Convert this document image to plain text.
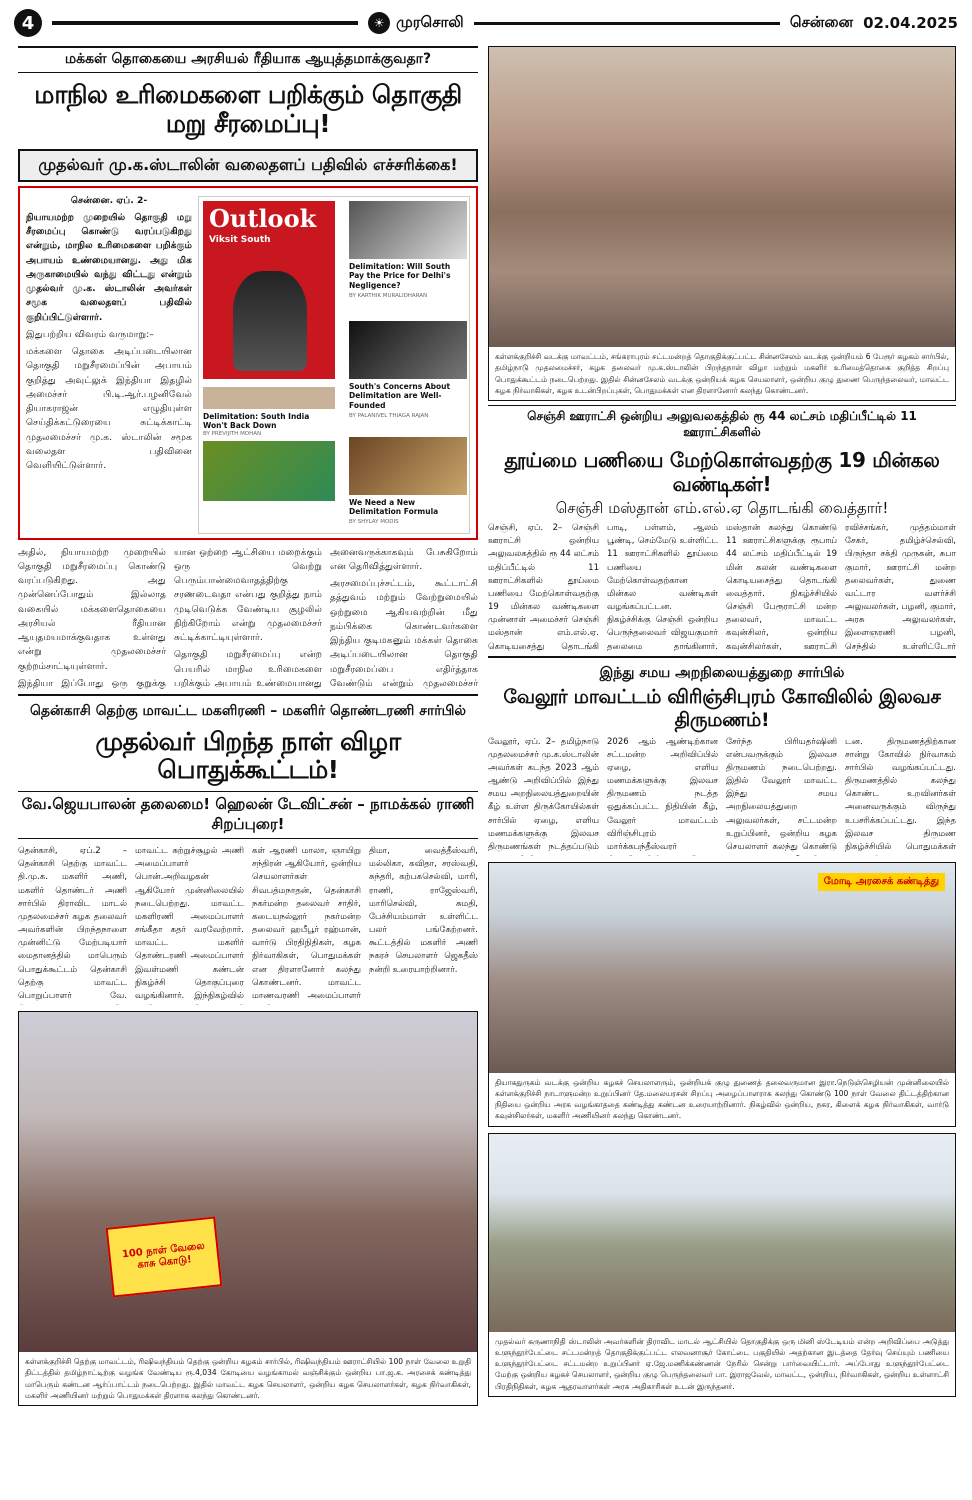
4	☀ முரசொலி	சென்னை 02.04.2025
மக்கள் தொகையை அரசியல் ரீதியாக ஆயுத்தமாக்குவதா?
மாநில உரிமைகளை பறிக்கும் தொகுதி மறு சீரமைப்பு!
முதல்வர் மு.க.ஸ்டாலின் வலைதளப் பதிவில் எச்சரிக்கை!

சென்னை. ஏப். 2-

நியாயமற்ற முறையில் தொகுதி மறு சீரமைப்பு கொண்டு வரப்படுகிறது என்றும், மாநில உரிமைகளை பறிக்கும் அபாயம் உண்மையானது. அது மிக அருகாமையில் வந்து விட்டது என்றும் முதல்வர் மு.க. ஸ்டாலின் அவர்கள் சமூக வலைதளப் பதிவில் குறிப்பிட்டுள்ளார்.

இதுபற்றிய விவரம் வருமாறு:–

மக்களை தொகை அடிப்படையிலான தொகுதி மறுசீரமைப்பின் அபாயம் குறித்து அவுட்லுக் இந்தியா இதழில் அமைச்சர் பி.டி.ஆர்.பழனிவேல் தியாகராஜன் எழுதியுள்ள செய்திக்கட்டுரையை சுட்டிக்காட்டி முதலமைச்சர் மு.க. ஸ்டாலின் சமூக வலைதள பதிவினை வெளியிட்டுள்ளார்.

Outlook
Viksit South
Delimitation: Will South Pay the Price for Delhi's Negligence?
BY KARTHIK MURALIDHARAN
South's Concerns About Delimitation are Well-Founded
BY PALANIVEL THIAGA RAJAN
Delimitation: South India Won't Back Down
BY PREVIJITH MOHAN
We Need a New Delimitation Formula
BY SHYLAY MODIS

அதில், நியாயமற்ற முறையில் தொகுதி மறுசீரமைப்பு கொண்டு வரப்படுகிறது. அது முன்னெப்போதும் இல்லாத வகையில் மக்களைதொகையை அரசியல் ரீதியான ஆயுதமயமாக்குவதாக உள்ளது என்று முதலமைச்சர் குற்றம்சாட்டியுள்ளார்.

இந்தியா இப்போது ஒரு குறுக்கு

யான ஒற்றை ஆட்சியை மறைக்கும் ஒரு வெற்று பெரும்பான்மைவாதத்திற்கு சரணடைவதா என்பது குறித்து நாம் முடிவெடுக்க வேண்டிய சூழலில் நிற்கிறோம் என்று முதலமைச்சர் சுட்டிக்காட்டியுள்ளார்.

தொகுதி மறுசீரமைப்பு என்ற பெயரில் மாநில உரிமைகளை பறிக்கும் அபாயம் உண்மையானது

அனைவருக்காகவும் பேசுகிறோம் என தெரிவித்துள்ளார்.

அரசமைப்புச்சட்டம், கூட்டாட்சி தத்துவம் மற்றும் வேற்றுமையில் ஒற்றுமை ஆகியவற்றின் மீது நம்பிக்கை கொண்டவர்களை இந்திய குடிமகனும் மக்கள் தொகை அடிப்படையிலான தொகுதி மறுசீரமைப்பை எதிர்த்தாக வேண்டும் என்றும் முதலமைச்சர்

தென்காசி தெற்கு மாவட்ட மகளிரணி – மகளிர் தொண்டரணி சார்பில்
முதல்வர் பிறந்த நாள் விழா பொதுக்கூட்டம்!
வே.ஜெயபாலன் தலைமை! ஹெலன் டேவிட்சன் – நாமக்கல் ராணி சிறப்புரை!
தென்காசி, ஏப்.2 – தென்காசி தெற்கு மாவட்ட தி.மு.க. மகளிர் அணி, மகளிர் தொண்டர் அணி சார்பில் திராவிட மாடல் முதலமைச்சர் கழக தலைவர் அவர்களின் பிறந்தநாளை முன்னிட்டு மேற்படியார் மைதானத்தில் மாபெரும் பொதுக்கூட்டம் தென்காசி தெற்கு மாவட்ட பொறுப்பாளர் வே.
மாவட்ட சுற்றுச்சூழல் அணி அமைப்பாளர் பொன்.அறிவழகன் ஆகியோர் முன்னிலையில் நடைபெற்றது. மாவட்ட மகளிரணி அமைப்பாளர் சங்கீதா கதர் வரவேற்றார். மாவட்ட மகளிர் தொண்டரணி அமைப்பாளர் இவள்மணி கண்டன் நிகழ்ச்சி தொகுப்புரை வழங்கினார். இந்நிகழ்வில்
கள் ஆரணி மாலா, ஞாயிறு சந்திரன் ஆகியோர், ஒன்றிய செயலாளர்கள் சிவபத்மநாதன், தென்காசி நகர்மன்ற தலைவர் சாதிர், கடையநல்லூர் நகர்மன்ற தலைவர் ஹபீபூர் ரஹ்மான், வார்டு பிரதிநிதிகள், கழக நிர்வாகிகள், பொதுமக்கள் என திரளானோர் கலந்து கொண்டனர். மாவட்ட மாணவரணி அமைப்பாளர்
திமா, வைத்தீஸ்வரி, மல்லிகா, கவிதா, சரஸ்வதி, சுந்தரி, கற்பகசெல்வி, மாரி, ராணி, ராஜேஸ்வரி, மாரிசெல்வி, சுமதி, பேச்சியம்மாள் உள்ளிட்ட பலர் பங்கேற்றனர். கூட்டத்தில் மகளிர் அணி நகரச் செயலாளர் ஜெகதீஸ் நன்றி உரையாற்றினார்.
100 நாள் வேலை காசு கொடு!
கள்ளக்குறிச்சி தெற்கு மாவட்டம், ரிஷிவந்தியம் தெற்கு ஒன்றிய கழகம் சார்பில், ரிஷிவந்தியம் ஊராட்சியில் 100 நாள் வேலை உறுதி திட்டத்தில் தமிழ்நாட்டிற்கு வழங்க வேண்டிய ரூ.4,034 கோடியை வழங்காமல் வஞ்சிக்கும் ஒன்றிய பா.ஜ.க. அரசைக் கண்டித்து மாபெரும் கண்டன ஆர்ப்பாட்டம் நடைபெற்றது. இதில் மாவட்ட கழக செயலாளர், ஒன்றிய கழக செயலாளர்கள், கழக நிர்வாகிகள், மகளிர் அணியினர் மற்றும் பொதுமக்கள் திரளாக கலந்து கொண்டனர்.
கள்ளக்குறிச்சி வடக்கு மாவட்டம், சங்கராபுரம் சட்டமன்றத் தொகுதிக்குட்பட்ட சின்னசேலம் வடக்கு ஒன்றியம் 6 பேரூர் கழகம் சார்பில், தமிழ்நாடு முதலமைச்சர், கழக தலைவர் மு.க.ஸ்டாலின் பிறந்தநாள் விழா மற்றும் மகளிர் உரிமைத்தொகை குறித்த சிறப்பு பொதுக்கூட்டம் நடைபெற்றது. இதில் சின்னசேலம் வடக்கு ஒன்றியக் கழக செயலாளர், ஒன்றிய குழு துணை பெருந்தலைவர், மாவட்ட கழக நிர்வாகிகள், கழக உடன்பிறப்புகள், பொதுமக்கள் என திரளானோர் கலந்து கொண்டனர்.
செஞ்சி ஊராட்சி ஒன்றிய அலுவலகத்தில் ரூ 44 லட்சம் மதிப்பீட்டில் 11 ஊராட்சிகளில்
தூய்மை பணியை மேற்கொள்வதற்கு 19 மின்கல வண்டிகள்!
செஞ்சி மஸ்தான் எம்.எல்.ஏ தொடங்கி வைத்தார்!
செஞ்சி, ஏப். 2– செஞ்சி ஊராட்சி ஒன்றிய அலுவலகத்தில் ரூ 44 லட்சம் மதிப்பீட்டில் 11 ஊராட்சிகளில் தூய்மை பணியை மேற்கொள்வதற்கு 19 மின்கல வண்டிகளை முன்னாள் அமைச்சர் செஞ்சி மஸ்தான் எம்.எல்.ஏ. கொடியசைத்து தொடங்கி
பாடி, பள்ளம், ஆலம் பூண்டி, செம்மேடு உள்ளிட்ட 11 ஊராட்சிகளில் தூய்மை பணியை மேற்கொள்வதற்கான மின்கல வண்டிகள் வழங்கப்பட்டன. நிகழ்ச்சிக்கு செஞ்சி ஒன்றிய பெருந்தலைவர் விஜயகுமார் தலைமை தாங்கினார்.
மஸ்தான் கலந்து கொண்டு 11 ஊராட்சிகளுக்கு ரூபாய் 44 லட்சம் மதிப்பீட்டில் 19 மின் கலன் வண்டிகளை கொடியசைத்து தொடங்கி வைத்தார். நிகழ்ச்சியில் செஞ்சி பேரூராட்சி மன்ற தலைவர், மாவட்ட கவுன்சிலர், ஒன்றிய கவுன்சிலர்கள், ஊராட்சி
ரவிச்சங்கர், முத்தம்மாள் சேகர், தமிழ்ச்செல்வி, பிருந்தா சக்தி முருகன், சுபா குமார், ஊராட்சி மன்ற தலைவர்கள், துணை வட்டார வளர்ச்சி அலுவலர்கள், பழனி, குமார், அரசு அலுவலர்கள், இளைஞரணி பழனி, செந்தில் உள்ளிட்டோர்
இந்து சமய அறநிலையத்துறை சார்பில்
வேலூர் மாவட்டம் விரிஞ்சிபுரம் கோவிலில் இலவச திருமணம்!
வேலூர், ஏப். 2– தமிழ்நாடு முதலமைச்சர் மு.க.ஸ்டாலின் அவர்கள் கடந்த 2023 ஆம் ஆண்டு அறிவிப்பில் இந்து சமய அறநிலையத்துறையின் கீழ் உள்ள திருக்கோயில்கள் சார்பில் ஏழை, எளிய மணமக்களுக்கு இலவச திருமணங்கள் நடத்தப்படும்
2026 ஆம் ஆண்டிற்கான சட்டமன்ற அறிவிப்பில் ஏழை, எளிய மணமக்களுக்கு இலவச திருமணம் நடத்த ஒதுக்கப்பட்ட நிதியின் கீழ், வேலூர் மாவட்டம் விரிஞ்சிபுரம் மார்க்கபந்தீஸ்வரர்
சேர்ந்த பிரியதர்ஷினி என்பவருக்கும் இலவச திருமணம் நடைபெற்றது. இதில் வேலூர் மாவட்ட இந்து சமய அறநிலையத்துறை அலுவலர்கள், சட்டமன்ற உறுப்பினர், ஒன்றிய கழக செயலாளர் கலந்து கொண்டு
டன. திருமணத்திற்கான சான்று கோவில் நிர்வாகம் சார்பில் வழங்கப்பட்டது. திருமணத்தில் கலந்து கொண்ட உறவினர்கள் அனைவருக்கும் விருந்து உபசரிக்கப்பட்டது. இந்த இலவச திருமண நிகழ்ச்சியில் பொதுமக்கள்
மோடி அரசைக் கண்டித்து
தியாகதுருகம் வடக்கு ஒன்றிய கழகச் செயலாளரும், ஒன்றியக் குழு துணைத் தலைவருமான இரா.நெடுஞ்செழியன் முன்னிலையில் கள்ளக்குறிச்சி நாடாளுமன்ற உறுப்பினர் தே.மலையரசன் சிறப்பு அழைப்பாளராக கலந்து கொண்டு 100 நாள் வேலை திட்டத்திற்கான நிதியை ஒன்றிய அரசு வழங்காததை கண்டித்து கண்டன உரையாற்றினார். நிகழ்வில் ஒன்றிய, நகர, கிளைக் கழக நிர்வாகிகள், வார்டு கவுன்சிலர்கள், மகளிர் அணியினர் கலந்து கொண்டனர்.
முதல்வர் கருணாநிதி ஸ்டாலின் அவர்களின் திராவிட மாடல் ஆட்சியில் தொகுதிக்கு ஒரு மினி ஸ்டேடியம் என்ற அறிவிப்பை அடுத்து உளுந்தூர்பேட்டை சட்டமன்றத் தொகுதிக்குட்பட்ட எலவனாசூர் கோட்டை பகுதியில் அதற்கான இடத்தை தேர்வு செய்யும் பணியை உளுந்தூர்பேட்டை சட்டமன்ற உறுப்பினர் ஏ.ஜே.மணிக்கண்ணன் நேரில் சென்று பார்வையிட்டார். அப்போது உளுந்தூர்பேட்டை மேற்கு ஒன்றிய கழகச் செயலாளர், ஒன்றிய குழு பெருந்தலைவர் பா. இராஜவேல், மாவட்ட, ஒன்றிய, நிர்வாகிகள், ஒன்றிய உள்ளாட்சி பிரதிநிதிகள், கழக ஆதரவாளர்கள் அரசு அதிகாரிகள் உடன் இருந்தனர்.
